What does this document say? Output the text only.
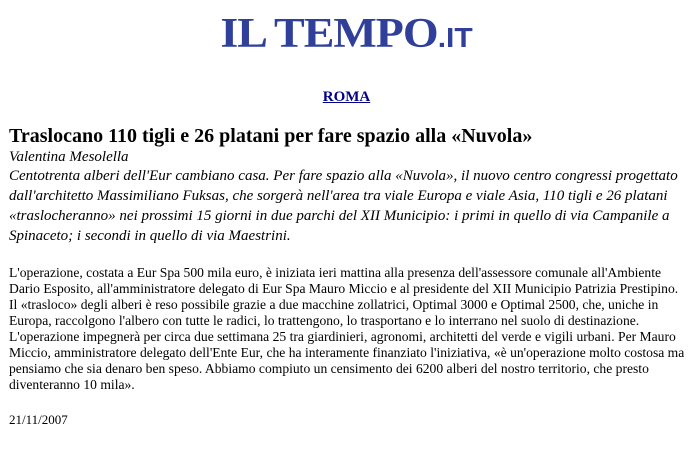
IL TEMPO.IT
ROMA
Traslocano 110 tigli e 26 platani per fare spazio alla «Nuvola»

Valentina Mesolella

Centotrenta alberi dell'Eur cambiano casa. Per fare spazio alla «Nuvola», il nuovo centro congressi progettato dall'architetto Massimiliano Fuksas, che sorgerà nell'area tra viale Europa e viale Asia, 110 tigli e 26 platani «traslocheranno» nei prossimi 15 giorni in due parchi del XII Municipio: i primi in quello di via Campanile a Spinaceto; i secondi in quello di via Maestrini.

L'operazione, costata a Eur Spa 500 mila euro, è iniziata ieri mattina alla presenza dell'assessore comunale all'Ambiente Dario Esposito, all'amministratore delegato di Eur Spa Mauro Miccio e al presidente del XII Municipio Patrizia Prestipino. Il «trasloco» degli alberi è reso possibile grazie a due macchine zollatrici, Optimal 3000 e Optimal 2500, che, uniche in Europa, raccolgono l'albero con tutte le radici, lo trattengono, lo trasportano e lo interrano nel suolo di destinazione. L'operazione impegnerà per circa due settimana 25 tra giardinieri, agronomi, architetti del verde e vigili urbani. Per Mauro Miccio, amministratore delegato dell'Ente Eur, che ha interamente finanziato l'iniziativa, «è un'operazione molto costosa ma pensiamo che sia denaro ben speso. Abbiamo compiuto un censimento dei 6200 alberi del nostro territorio, che presto diventeranno 10 mila».

21/11/2007
